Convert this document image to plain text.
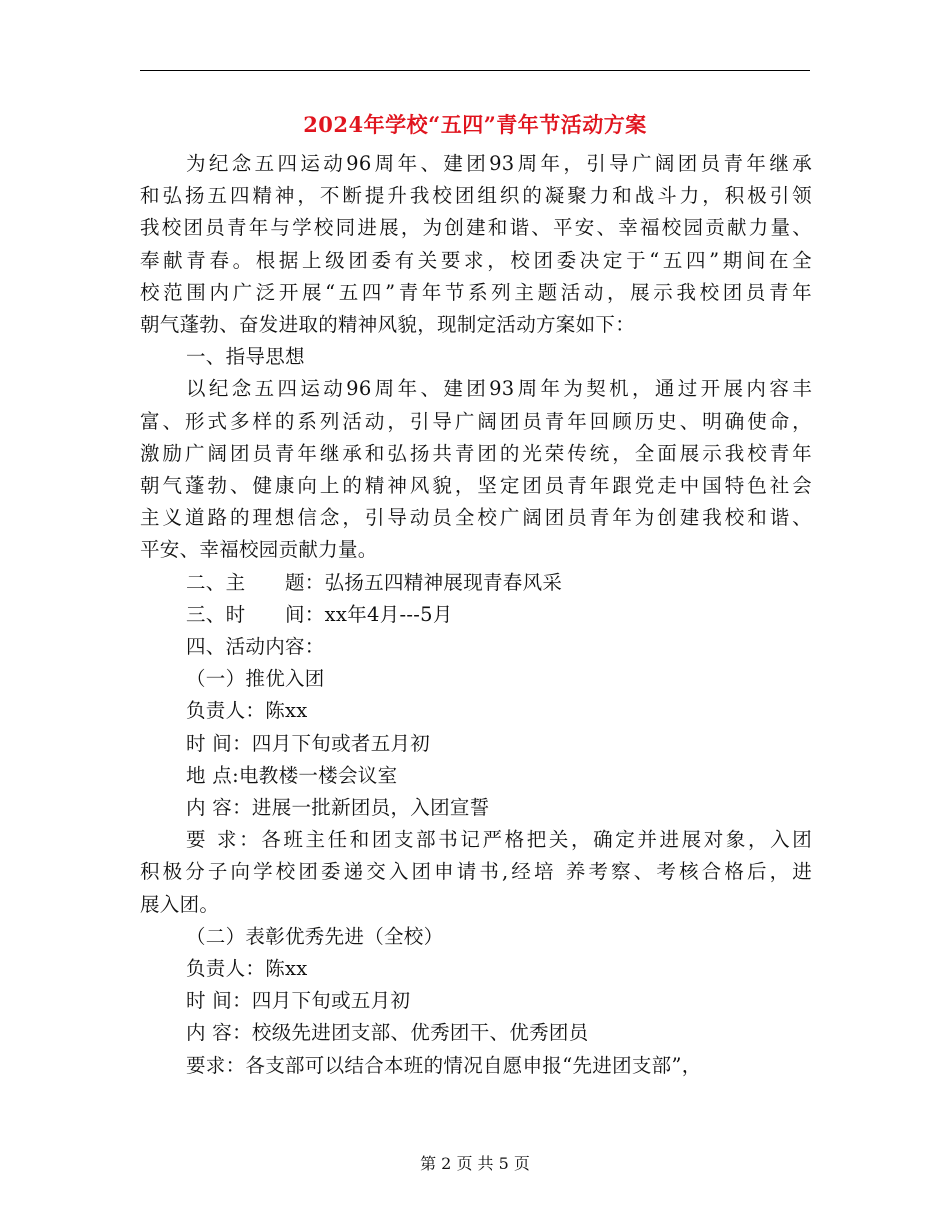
2024年学校“五四”青年节活动方案

为纪念五四运动96周年、建团93周年，引导广阔团员青年继承

和弘扬五四精神，不断提升我校团组织的凝聚力和战斗力，积极引领

我校团员青年与学校同进展，为创建和谐、平安、幸福校园贡献力量、

奉献青春。根据上级团委有关要求，校团委决定于“五四”期间在全

校范围内广泛开展“五四”青年节系列主题活动，展示我校团员青年

朝气蓬勃、奋发进取的精神风貌，现制定活动方案如下：

一、指导思想

以纪念五四运动96周年、建团93周年为契机，通过开展内容丰

富、形式多样的系列活动，引导广阔团员青年回顾历史、明确使命，

激励广阔团员青年继承和弘扬共青团的光荣传统，全面展示我校青年

朝气蓬勃、健康向上的精神风貌，坚定团员青年跟党走中国特色社会

主义道路的理想信念，引导动员全校广阔团员青年为创建我校和谐、

平安、幸福校园贡献力量。

二、主　　题：弘扬五四精神展现青春风采

三、时　　间：xx年4月---5月

四、活动内容：

（一）推优入团

负责人：陈xx

时 间：四月下旬或者五月初

地 点:电教楼一楼会议室

内 容：进展一批新团员，入团宣誓

要 求：各班主任和团支部书记严格把关，确定并进展对象，入团

积极分子向学校团委递交入团申请书,经培 养考察、考核合格后，进

展入团。

（二）表彰优秀先进（全校）

负责人：陈xx

时 间：四月下旬或五月初

内 容：校级先进团支部、优秀团干、优秀团员

要求：各支部可以结合本班的情况自愿申报“先进团支部”，

第 2 页 共 5 页
